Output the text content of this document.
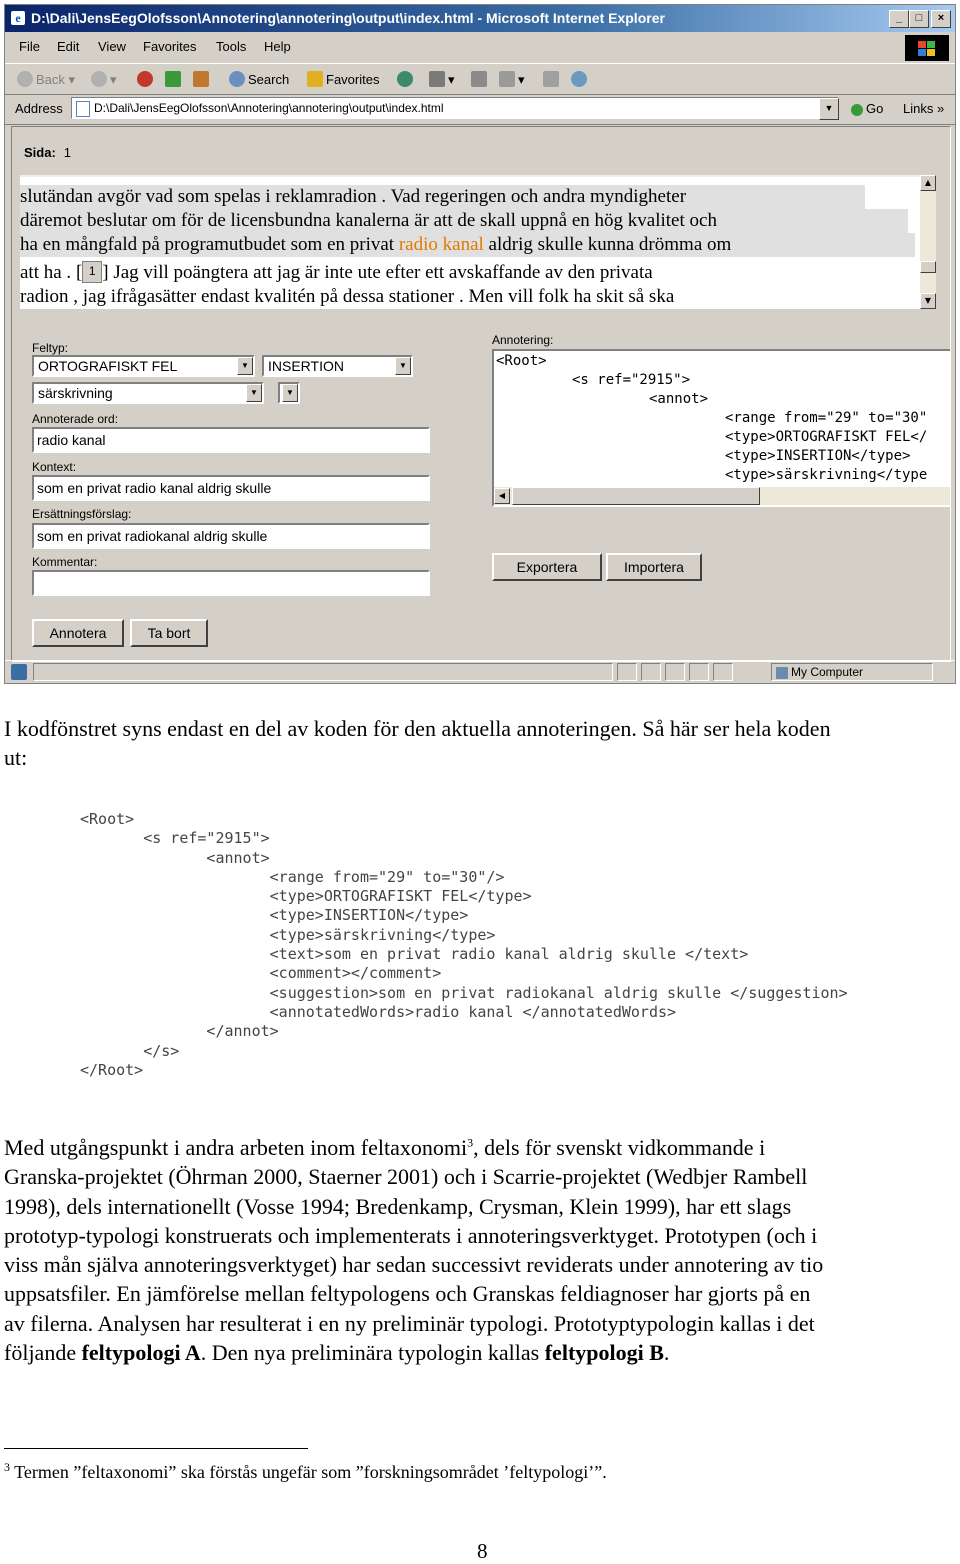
e D:\Dali\JensEegOlofsson\Annotering\annotering\output\index.html - Microsoft Internet Explorer	_	□	×
File Edit View Favorites Tools Help
Back ▾	▾	Search	Favorites	▾	▾
Address	D:\Dali\JensEegOlofsson\Annotering\annotering\output\index.html	▼	Go Links »
Sida: 1
slutändan avgör vad som spelas i reklamradion . Vad regeringen och andra myndigheter
däremot beslutar om för de licensbundna kanalerna är att de skall uppnå en hög kvalitet och
ha en mångfald på programutbudet som en privat radio kanal aldrig skulle kunna drömma om
att ha . [ 1 ] Jag vill poängtera att jag är inte ute efter ett avskaffande av den privata
radion , jag ifrågasätter endast kvalitén på dessa stationer . Men vill folk ha skit så ska
▲
▼
Feltyp:
ORTOGRAFISKT FEL	▼	INSERTION	▼
särskrivning	▼	▼
Annoterade ord:
radio kanal
Kontext:
som en privat radio kanal aldrig skulle
Ersättningsförslag:
som en privat radiokanal aldrig skulle
Kommentar:
Annotera	Ta bort
Annotering:
<Root>
<s ref="2915">
<annot>
<range from="29" to="30"
<type>ORTOGRAFISKT FEL</
<type>INSERTION</type>
<type>särskrivning</type
◀
Exportera	Importera
My Computer
I kodfönstret syns endast en del av koden för den aktuella annoteringen. Så här ser hela koden
ut:
<Root>
<s ref="2915">
<annot>
<range from="29" to="30"/>
<type>ORTOGRAFISKT FEL</type>
<type>INSERTION</type>
<type>särskrivning</type>
<text>som en privat radio kanal aldrig skulle </text>
<comment></comment>
<suggestion>som en privat radiokanal aldrig skulle </suggestion>
<annotatedWords>radio kanal </annotatedWords>
</annot>
</s>
</Root>
Med utgångspunkt i andra arbeten inom feltaxonomi$^3$, dels för svenskt vidkommande i
Granska-projektet (Öhrman 2000, Staerner 2001) och i Scarrie-projektet (Wedbjer Rambell
1998), dels internationellt (Vosse 1994; Bredenkamp, Crysman, Klein 1999), har ett slags
prototyp-typologi konstruerats och implementerats i annoteringsverktyget. Prototypen (och i
viss mån själva annoteringsverktyget) har sedan successivt reviderats under annotering av tio
uppsatsfiler. En jämförelse mellan feltypologens och Granskas feldiagnoser har gjorts på en
av filerna. Analysen har resulterat i en ny preliminär typologi. Prototyptypologin kallas i det
följande feltypologi A. Den nya preliminära typologin kallas feltypologi B.
$^3$ Termen ”feltaxonomi” ska förstås ungefär som ”forskningsområdet ’feltypologi’”.
8
